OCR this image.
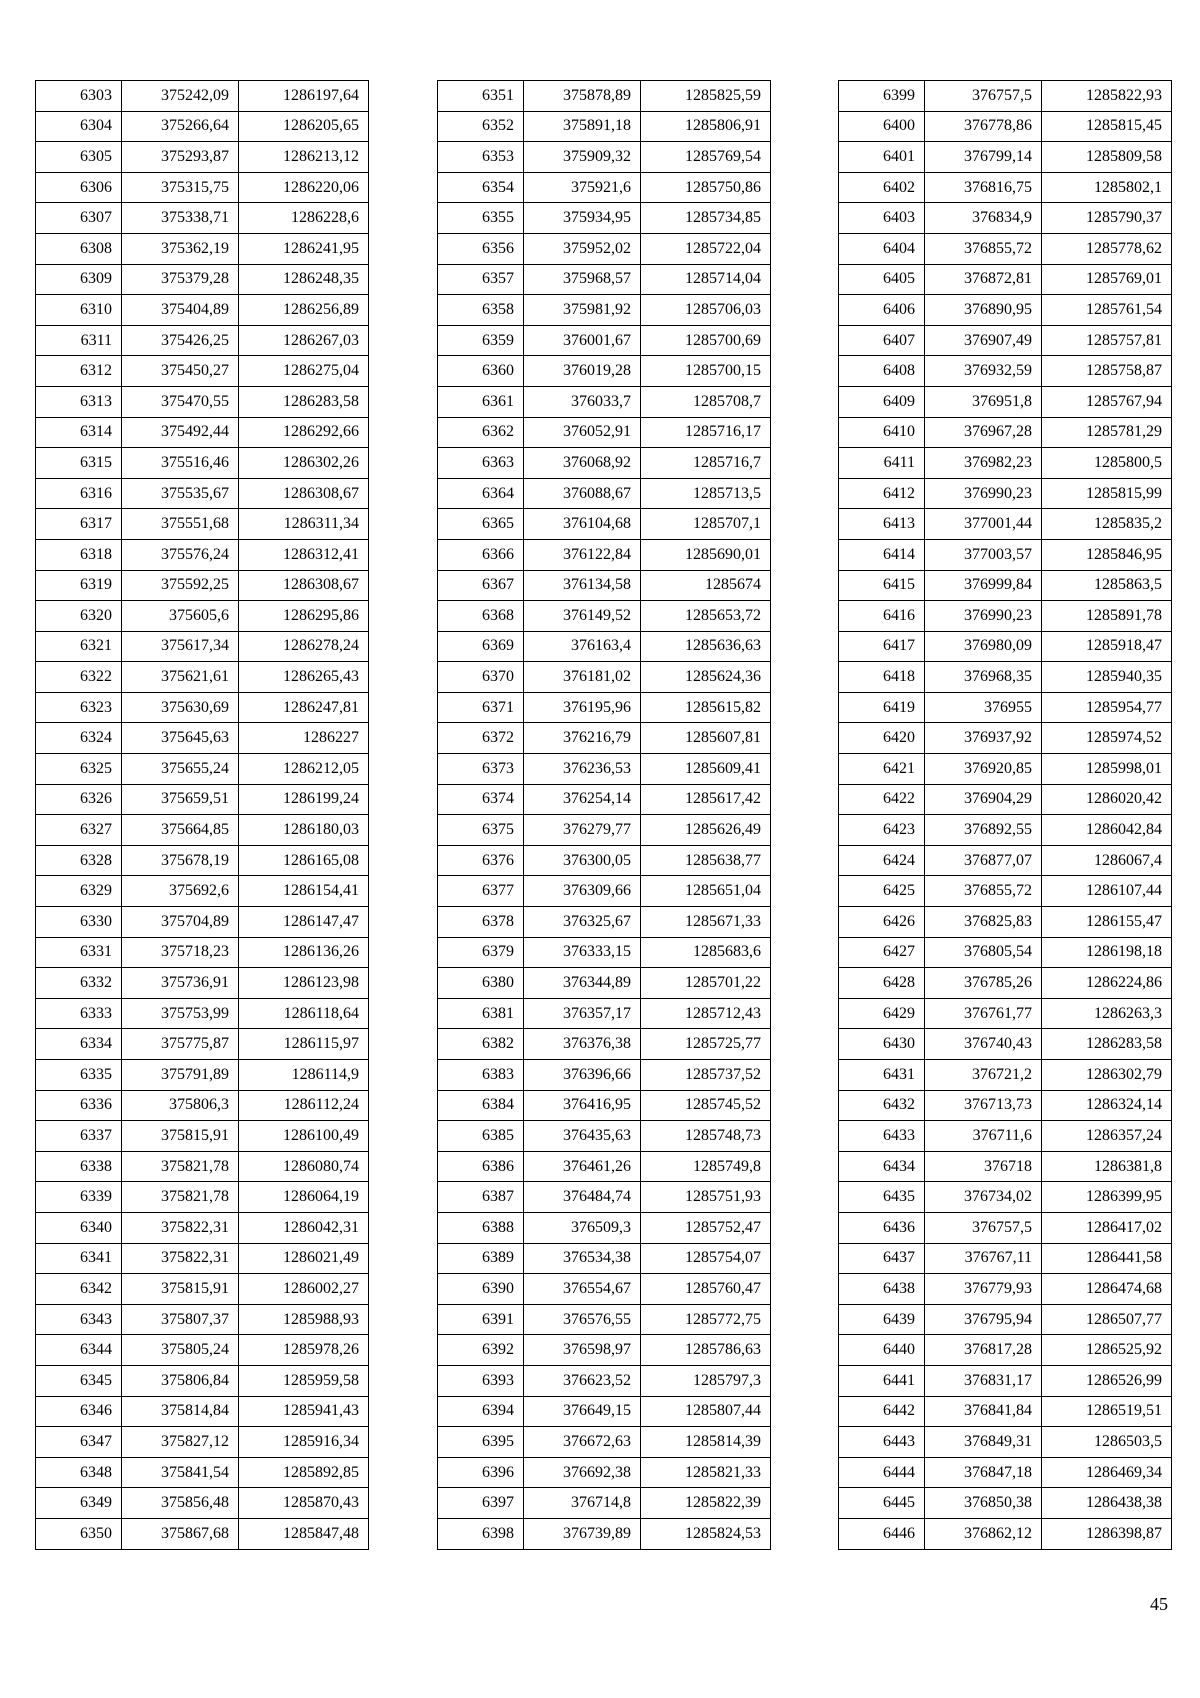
6303	375242,09	1286197,64
6304	375266,64	1286205,65
6305	375293,87	1286213,12
6306	375315,75	1286220,06
6307	375338,71	1286228,6
6308	375362,19	1286241,95
6309	375379,28	1286248,35
6310	375404,89	1286256,89
6311	375426,25	1286267,03
6312	375450,27	1286275,04
6313	375470,55	1286283,58
6314	375492,44	1286292,66
6315	375516,46	1286302,26
6316	375535,67	1286308,67
6317	375551,68	1286311,34
6318	375576,24	1286312,41
6319	375592,25	1286308,67
6320	375605,6	1286295,86
6321	375617,34	1286278,24
6322	375621,61	1286265,43
6323	375630,69	1286247,81
6324	375645,63	1286227
6325	375655,24	1286212,05
6326	375659,51	1286199,24
6327	375664,85	1286180,03
6328	375678,19	1286165,08
6329	375692,6	1286154,41
6330	375704,89	1286147,47
6331	375718,23	1286136,26
6332	375736,91	1286123,98
6333	375753,99	1286118,64
6334	375775,87	1286115,97
6335	375791,89	1286114,9
6336	375806,3	1286112,24
6337	375815,91	1286100,49
6338	375821,78	1286080,74
6339	375821,78	1286064,19
6340	375822,31	1286042,31
6341	375822,31	1286021,49
6342	375815,91	1286002,27
6343	375807,37	1285988,93
6344	375805,24	1285978,26
6345	375806,84	1285959,58
6346	375814,84	1285941,43
6347	375827,12	1285916,34
6348	375841,54	1285892,85
6349	375856,48	1285870,43
6350	375867,68	1285847,48
6351	375878,89	1285825,59
6352	375891,18	1285806,91
6353	375909,32	1285769,54
6354	375921,6	1285750,86
6355	375934,95	1285734,85
6356	375952,02	1285722,04
6357	375968,57	1285714,04
6358	375981,92	1285706,03
6359	376001,67	1285700,69
6360	376019,28	1285700,15
6361	376033,7	1285708,7
6362	376052,91	1285716,17
6363	376068,92	1285716,7
6364	376088,67	1285713,5
6365	376104,68	1285707,1
6366	376122,84	1285690,01
6367	376134,58	1285674
6368	376149,52	1285653,72
6369	376163,4	1285636,63
6370	376181,02	1285624,36
6371	376195,96	1285615,82
6372	376216,79	1285607,81
6373	376236,53	1285609,41
6374	376254,14	1285617,42
6375	376279,77	1285626,49
6376	376300,05	1285638,77
6377	376309,66	1285651,04
6378	376325,67	1285671,33
6379	376333,15	1285683,6
6380	376344,89	1285701,22
6381	376357,17	1285712,43
6382	376376,38	1285725,77
6383	376396,66	1285737,52
6384	376416,95	1285745,52
6385	376435,63	1285748,73
6386	376461,26	1285749,8
6387	376484,74	1285751,93
6388	376509,3	1285752,47
6389	376534,38	1285754,07
6390	376554,67	1285760,47
6391	376576,55	1285772,75
6392	376598,97	1285786,63
6393	376623,52	1285797,3
6394	376649,15	1285807,44
6395	376672,63	1285814,39
6396	376692,38	1285821,33
6397	376714,8	1285822,39
6398	376739,89	1285824,53
6399	376757,5	1285822,93
6400	376778,86	1285815,45
6401	376799,14	1285809,58
6402	376816,75	1285802,1
6403	376834,9	1285790,37
6404	376855,72	1285778,62
6405	376872,81	1285769,01
6406	376890,95	1285761,54
6407	376907,49	1285757,81
6408	376932,59	1285758,87
6409	376951,8	1285767,94
6410	376967,28	1285781,29
6411	376982,23	1285800,5
6412	376990,23	1285815,99
6413	377001,44	1285835,2
6414	377003,57	1285846,95
6415	376999,84	1285863,5
6416	376990,23	1285891,78
6417	376980,09	1285918,47
6418	376968,35	1285940,35
6419	376955	1285954,77
6420	376937,92	1285974,52
6421	376920,85	1285998,01
6422	376904,29	1286020,42
6423	376892,55	1286042,84
6424	376877,07	1286067,4
6425	376855,72	1286107,44
6426	376825,83	1286155,47
6427	376805,54	1286198,18
6428	376785,26	1286224,86
6429	376761,77	1286263,3
6430	376740,43	1286283,58
6431	376721,2	1286302,79
6432	376713,73	1286324,14
6433	376711,6	1286357,24
6434	376718	1286381,8
6435	376734,02	1286399,95
6436	376757,5	1286417,02
6437	376767,11	1286441,58
6438	376779,93	1286474,68
6439	376795,94	1286507,77
6440	376817,28	1286525,92
6441	376831,17	1286526,99
6442	376841,84	1286519,51
6443	376849,31	1286503,5
6444	376847,18	1286469,34
6445	376850,38	1286438,38
6446	376862,12	1286398,87
45
